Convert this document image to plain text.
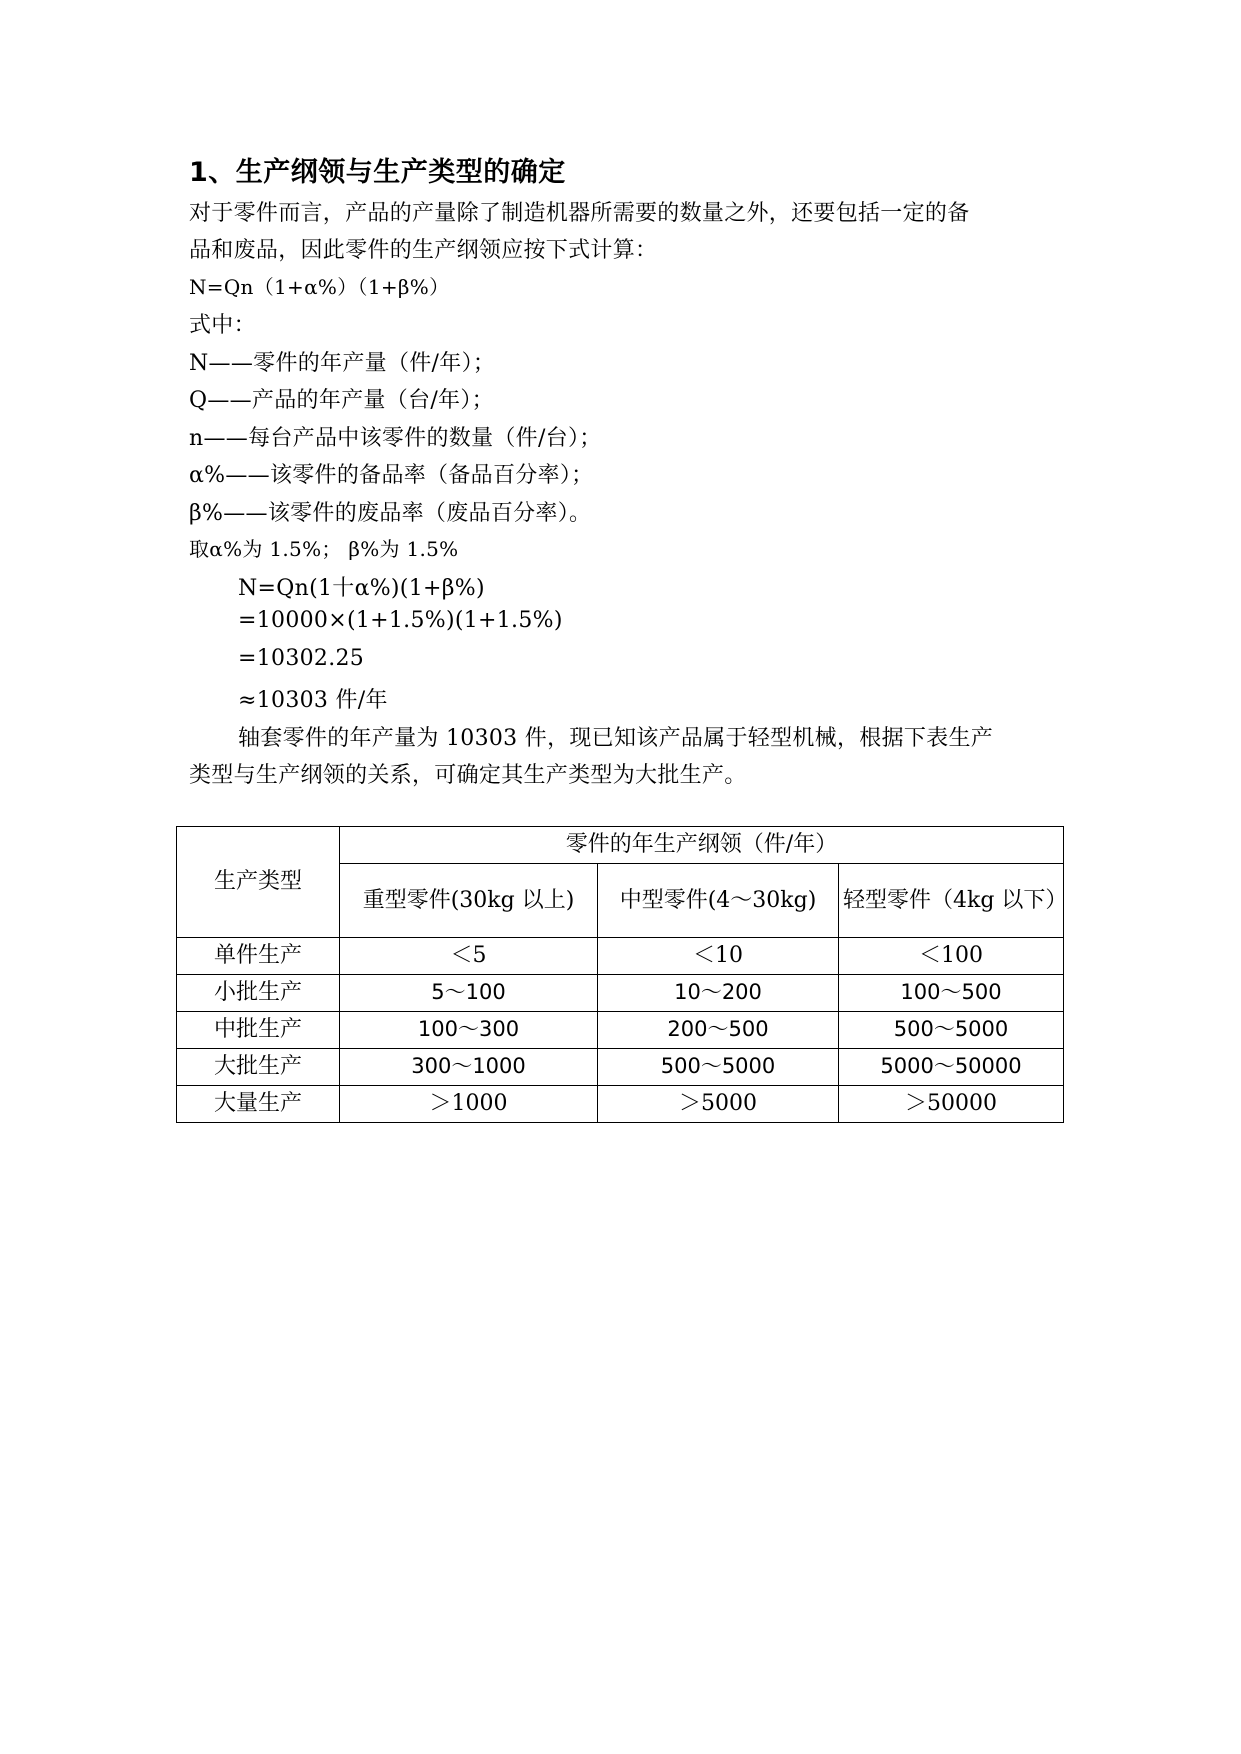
1、生产纲领与生产类型的确定
对于零件而言，产品的产量除了制造机器所需要的数量之外，还要包括一定的备
品和废品，因此零件的生产纲领应按下式计算：
N=Qn（1+α%）（1+β%）
式中：
N——零件的年产量（件/年）；
Q——产品的年产量（台/年）；
n——每台产品中该零件的数量（件/台）；
α%——该零件的备品率（备品百分率）；
β%——该零件的废品率（废品百分率）。
取α%为 1.5%； β%为 1.5%
N=Qn(1十α%)(1+β%)
=10000×(1+1.5%)(1+1.5%)
=10302.25
≈10303 件/年
轴套零件的年产量为 10303 件，现已知该产品属于轻型机械，根据下表生产
类型与生产纲领的关系，可确定其生产类型为大批生产。
生产类型	零件的年生产纲领（件/年）		
	重型零件(30kg 以上)	中型零件(4～30kg)	轻型零件（4kg 以下）
单件生产	＜5	＜10	＜100
小批生产	5～100	10～200	100～500
中批生产	100～300	200～500	500～5000
大批生产	300～1000	500～5000	5000～50000
大量生产	＞1000	＞5000	＞50000
